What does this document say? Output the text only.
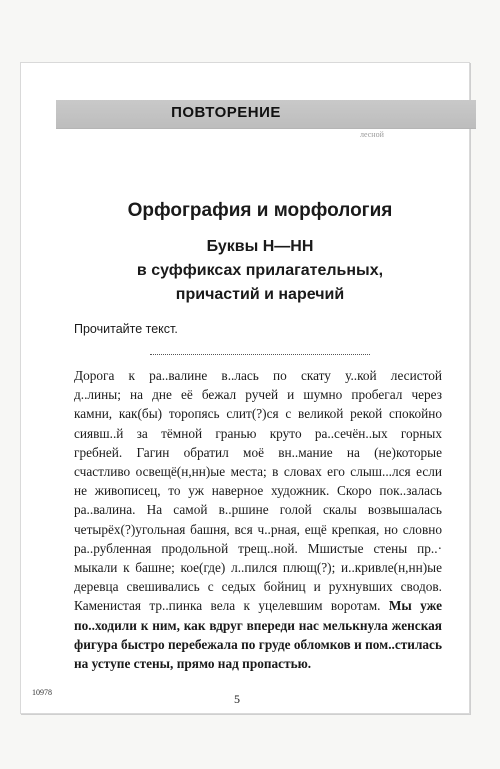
лесной
ПОВТОРЕНИЕ
Орфография и морфология
Буквы Н—НН
в суффиксах прилагательных,
причастий и наречий
Прочитайте текст.
Дорога к ра..валине в..лась по скату у..кой лесистой
д..лины; на дне её бежал ручей и шумно пробегал через
камни, как(бы) торопясь слит(?)ся с великой рекой спокойно
сиявш..й за тёмной гранью круто ра..сечён..ых горных
гребней. Гагин обратил моё вн..мание на (не)которые
счастливо освещё(н,нн)ые места; в словах его слыш...лся если
не живописец, то уж наверное художник. Скоро пок..залась
ра..валина. На самой в..ршине голой скалы возвышалась
четырёх(?)угольная башня, вся ч..рная, ещё крепкая, но словно
ра..рубленная продольной трещ..ной. Мшистые стены пр..·
мыкали к башне; кое(где) л..пился плющ(?); и..кривле(н,нн)ые
деревца свешивались с седых бойниц и рухнувших сводов.
Каменистая тр..пинка вела к уцелевшим воротам. Мы уже
по..ходили к ним, как вдруг впереди нас мелькнула женская
фигура быстро перебежала по груде обломков и пом..стилась
на уступе стены, прямо над пропастью.
10978	5
